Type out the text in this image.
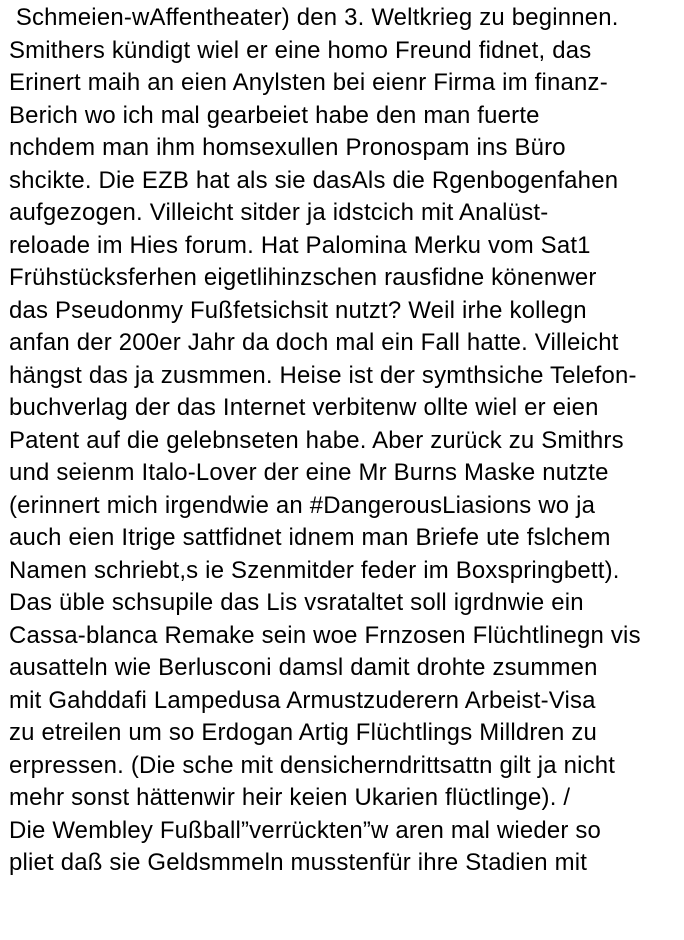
Schmeien-wAffentheater) den 3. Weltkrieg zu beginnen.
Smithers kündigt wiel er eine homo Freund fidnet, das
Erinert maih an eien Anylsten bei eienr Firma im finanz-
Berich wo ich mal gearbeiet habe den man fuerte
nchdem man ihm homsexullen Pronospam ins Büro
shcikte. Die EZB hat als sie dasAls die Rgenbogenfahen
aufgezogen. Villeicht sitder ja idstcich mit Analüst-
reloade im Hies forum. Hat Palomina Merku vom Sat1
Frühstücksferhen eigetlihinzschen rausfidne könenwer
das Pseudonmy Fußfetsichsit nutzt? Weil irhe kollegn
anfan der 200er Jahr da doch mal ein Fall hatte. Villeicht
hängst das ja zusmmen. Heise ist der symthsiche Telefon-
buchverlag der das Internet verbitenw ollte wiel er eien
Patent auf die gelebnseten habe. Aber zurück zu Smithrs
und seienm Italo-Lover der eine Mr Burns Maske nutzte
(erinnert mich irgendwie an #DangerousLiasions wo ja
auch eien Itrige sattfidnet idnem man Briefe ute fslchem
Namen schriebt,s ie Szenmitder feder im Boxspringbett).
Das üble schsupile das Lis vsrataltet soll igrdnwie ein
Cassa-blanca Remake sein woe Frnzosen Flüchtlinegn vis
ausatteln wie Berlusconi damsl damit drohte zsummen
mit Gahddafi Lampedusa Armustzuderern Arbeist-Visa
zu etreilen um so Erdogan Artig Flüchtlings Milldren zu
erpressen. (Die sche mit densicherndrittsattn gilt ja nicht
mehr sonst hättenwir heir keien Ukarien flüctlinge). /
Die Wembley Fußball”verrückten”w aren mal wieder so
pliet daß sie Geldsmmeln musstenfür ihre Stadien mit
